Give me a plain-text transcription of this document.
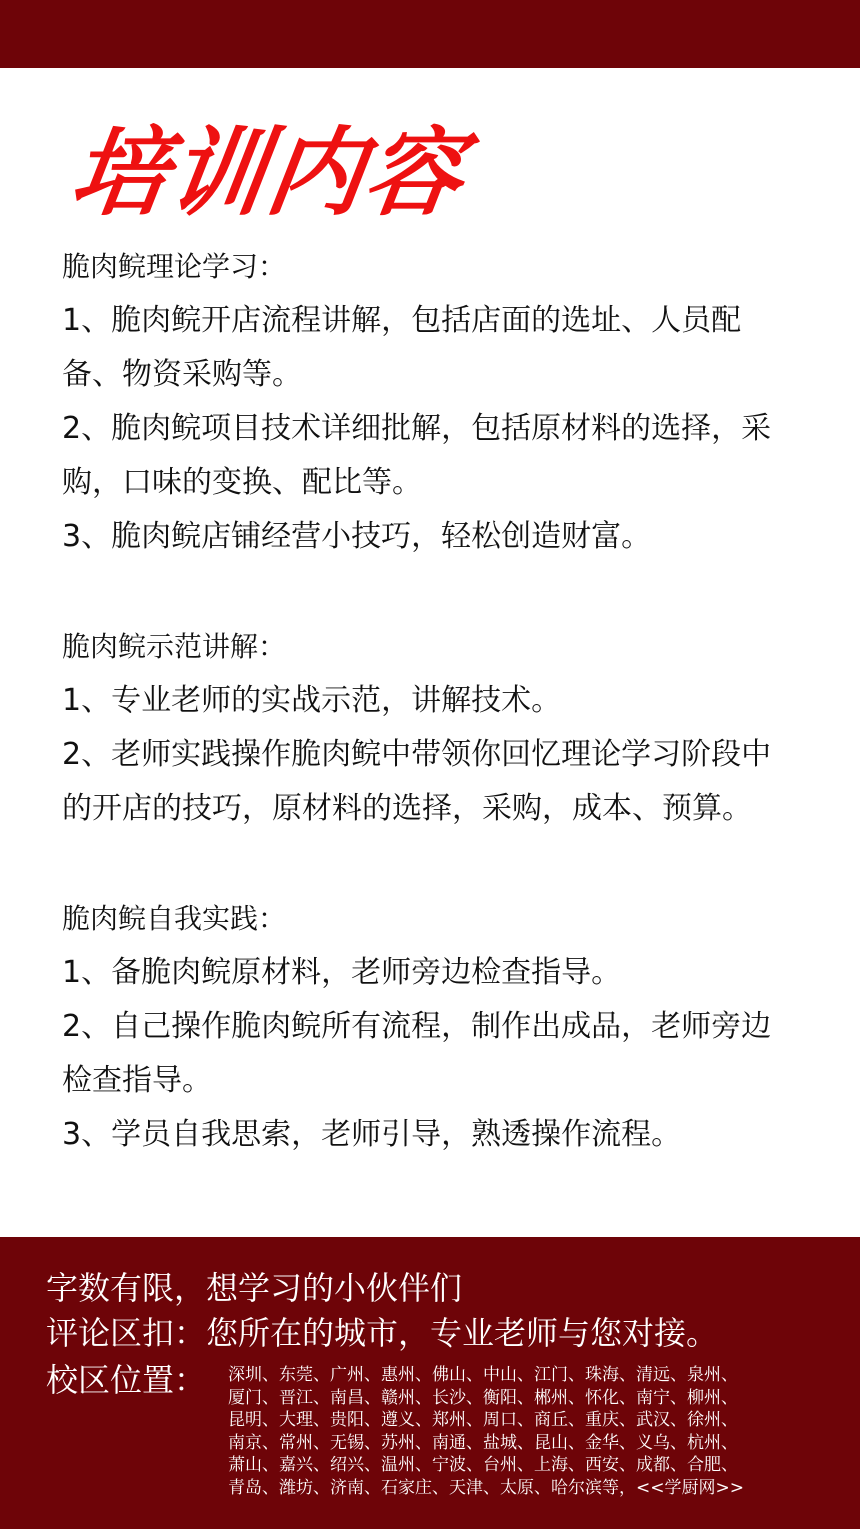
培训内容
脆肉鲩理论学习：

1、脆肉鲩开店流程讲解，包括店面的选址、人员配备、物资采购等。

2、脆肉鲩项目技术详细批解，包括原材料的选择，采购，口味的变换、配比等。

3、脆肉鲩店铺经营小技巧，轻松创造财富。

脆肉鲩示范讲解：

1、专业老师的实战示范，讲解技术。

2、老师实践操作脆肉鲩中带领你回忆理论学习阶段中的开店的技巧，原材料的选择，采购，成本、预算。

脆肉鲩自我实践：

1、备脆肉鲩原材料，老师旁边检查指导。

2、自己操作脆肉鲩所有流程，制作出成品，老师旁边检查指导。

3、学员自我思索，老师引导，熟透操作流程。

字数有限，想学习的小伙伴们
评论区扣：您所在的城市，专业老师与您对接。
校区位置： 深圳、东莞、广州、惠州、佛山、中山、江门、珠海、清远、泉州、
厦门、晋江、南昌、赣州、长沙、衡阳、郴州、怀化、南宁、柳州、
昆明、大理、贵阳、遵义、郑州、周口、商丘、重庆、武汉、徐州、
南京、常州、无锡、苏州、南通、盐城、昆山、金华、义乌、杭州、
萧山、嘉兴、绍兴、温州、宁波、台州、上海、西安、成都、合肥、
青岛、潍坊、济南、石家庄、天津、太原、哈尔滨等，<<学厨网>>
